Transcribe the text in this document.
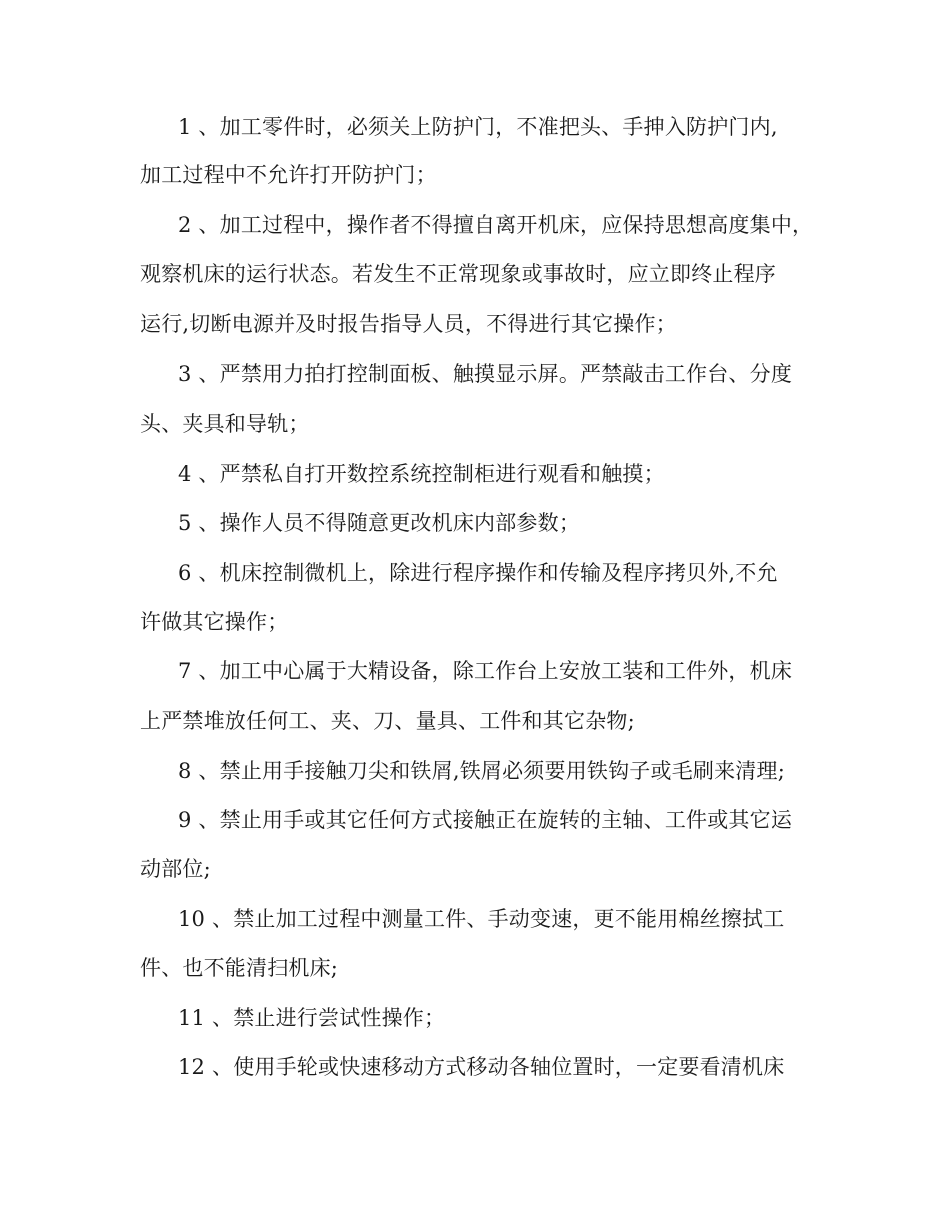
1 、加工零件时，必须关上防护门，不准把头、手抻入防护门内,
加工过程中不允许打开防护门；
2 、加工过程中，操作者不得擅自离开机床，应保持思想高度集中，
观察机床的运行状态。若发生不正常现象或事故时，应立即终止程序
运行,切断电源并及时报告指导人员，不得进行其它操作；
3 、严禁用力拍打控制面板、触摸显示屏。严禁敲击工作台、分度
头、夹具和导轨；
4 、严禁私自打开数控系统控制柜进行观看和触摸；
5 、操作人员不得随意更改机床内部参数；
6 、机床控制微机上，除进行程序操作和传输及程序拷贝外,不允
许做其它操作；
7 、加工中心属于大精设备，除工作台上安放工装和工件外，机床
上严禁堆放任何工、夹、刀、量具、工件和其它杂物;
8 、禁止用手接触刀尖和铁屑,铁屑必须要用铁钩子或毛刷来清理;
9 、禁止用手或其它任何方式接触正在旋转的主轴、工件或其它运
动部位;
10 、禁止加工过程中测量工件、手动变速，更不能用棉丝擦拭工
件、也不能清扫机床;
11 、禁止进行尝试性操作；
12 、使用手轮或快速移动方式移动各轴位置时，一定要看清机床
